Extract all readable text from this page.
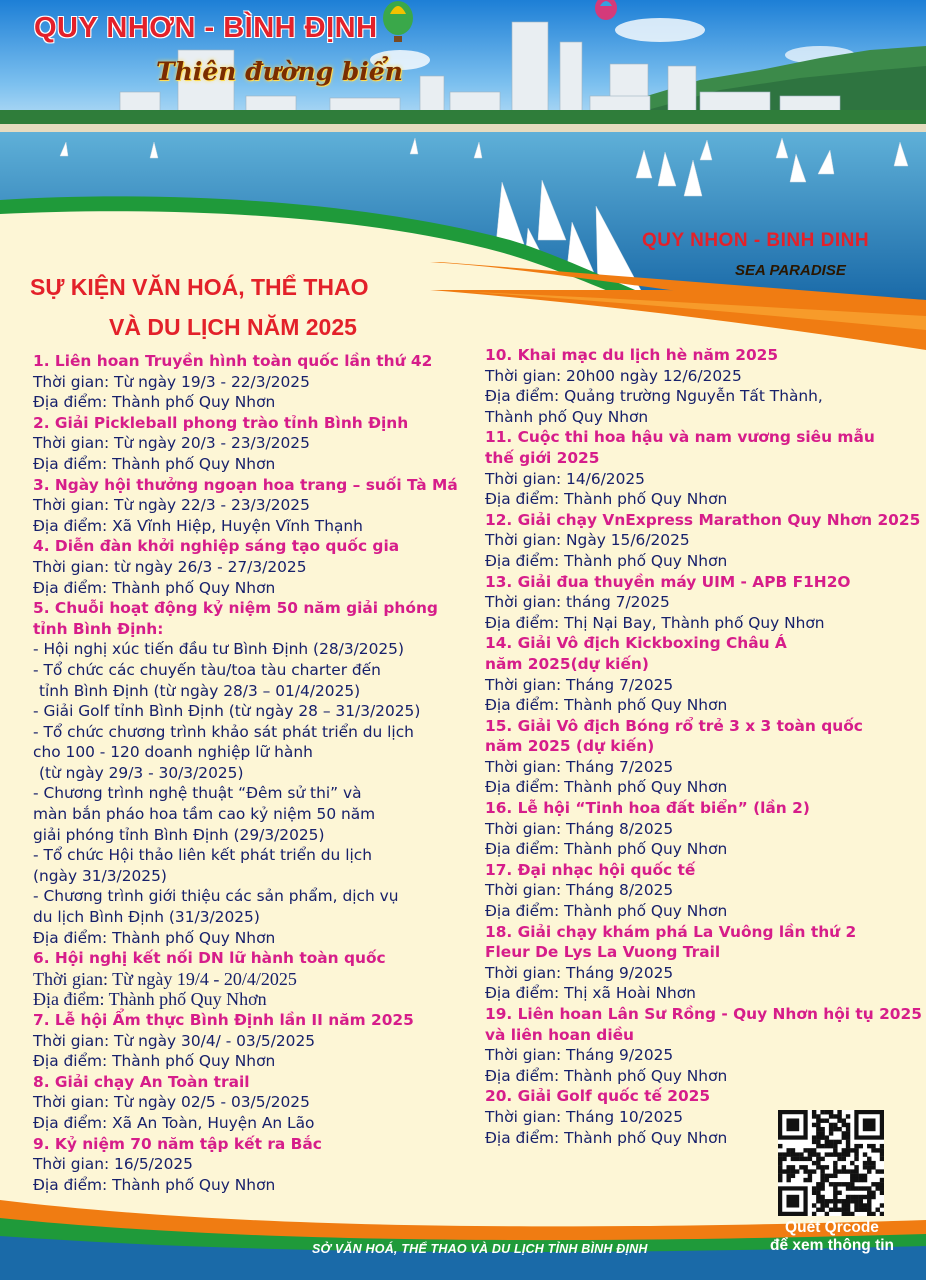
QUY NHƠN - BÌNH ĐỊNH
Thiên đường biển
QUY NHON - BINH DINH
SEA PARADISE
SỰ KIỆN VĂN HOÁ, THỂ THAO
VÀ DU LỊCH NĂM 2025
1. Liên hoan Truyền hình toàn quốc lần thứ 42
Thời gian: Từ ngày 19/3 - 22/3/2025
Địa điểm: Thành phố Quy Nhơn
2. Giải Pickleball phong trào tỉnh Bình Định
Thời gian: Từ ngày 20/3 - 23/3/2025
Địa điểm: Thành phố Quy Nhơn
3. Ngày hội thưởng ngoạn hoa trang – suối Tà Má
Thời gian: Từ ngày 22/3 - 23/3/2025
Địa điểm: Xã Vĩnh Hiệp, Huyện Vĩnh Thạnh
4. Diễn đàn khởi nghiệp sáng tạo quốc gia
Thời gian: từ ngày 26/3 - 27/3/2025
Địa điểm: Thành phố Quy Nhơn
5. Chuỗi hoạt động kỷ niệm 50 năm giải phóng
tỉnh Bình Định:
- Hội nghị xúc tiến đầu tư Bình Định (28/3/2025)
- Tổ chức các chuyến tàu/toa tàu charter đến
tỉnh Bình Định (từ ngày 28/3 – 01/4/2025)
- Giải Golf tỉnh Bình Định (từ ngày 28 – 31/3/2025)
- Tổ chức chương trình khảo sát phát triển du lịch
cho 100 - 120 doanh nghiệp lữ hành
(từ ngày 29/3 - 30/3/2025)
- Chương trình nghệ thuật “Đêm sử thi” và
màn bắn pháo hoa tầm cao kỷ niệm 50 năm
giải phóng tỉnh Bình Định (29/3/2025)
- Tổ chức Hội thảo liên kết phát triển du lịch
(ngày 31/3/2025)
- Chương trình giới thiệu các sản phẩm, dịch vụ
du lịch Bình Định (31/3/2025)
Địa điểm: Thành phố Quy Nhơn
6. Hội nghị kết nối DN lữ hành toàn quốc
Thời gian: Từ ngày 19/4 - 20/4/2025
Địa điểm: Thành phố Quy Nhơn
7. Lễ hội Ẩm thực Bình Định lần II năm 2025
Thời gian: Từ ngày 30/4/ - 03/5/2025
Địa điểm: Thành phố Quy Nhơn
8. Giải chạy An Toàn trail
Thời gian: Từ ngày 02/5 - 03/5/2025
Địa điểm: Xã An Toàn, Huyện An Lão
9. Kỷ niệm 70 năm tập kết ra Bắc
Thời gian: 16/5/2025
Địa điểm: Thành phố Quy Nhơn
10. Khai mạc du lịch hè năm 2025
Thời gian: 20h00 ngày 12/6/2025
Địa điểm: Quảng trường Nguyễn Tất Thành,
Thành phố Quy Nhơn
11. Cuộc thi hoa hậu và nam vương siêu mẫu
thế giới 2025
Thời gian: 14/6/2025
Địa điểm: Thành phố Quy Nhơn
12. Giải chạy VnExpress Marathon Quy Nhơn 2025
Thời gian: Ngày 15/6/2025
Địa điểm: Thành phố Quy Nhơn
13. Giải đua thuyền máy UIM - APB F1H2O
Thời gian: tháng 7/2025
Địa điểm: Thị Nại Bay, Thành phố Quy Nhơn
14. Giải Vô địch Kickboxing Châu Á
năm 2025(dự kiến)
Thời gian: Tháng 7/2025
Địa điểm: Thành phố Quy Nhơn
15. Giải Vô địch Bóng rổ trẻ 3 x 3 toàn quốc
năm 2025 (dự kiến)
Thời gian: Tháng 7/2025
Địa điểm: Thành phố Quy Nhơn
16. Lễ hội “Tinh hoa đất biển” (lần 2)
Thời gian: Tháng 8/2025
Địa điểm: Thành phố Quy Nhơn
17. Đại nhạc hội quốc tế
Thời gian: Tháng 8/2025
Địa điểm: Thành phố Quy Nhơn
18. Giải chạy khám phá La Vuông lần thứ 2
Fleur De Lys La Vuong Trail
Thời gian: Tháng 9/2025
Địa điểm: Thị xã Hoài Nhơn
19. Liên hoan Lân Sư Rồng - Quy Nhơn hội tụ 2025
và liên hoan diều
Thời gian: Tháng 9/2025
Địa điểm: Thành phố Quy Nhơn
20. Giải Golf quốc tế 2025
Thời gian: Tháng 10/2025
Địa điểm: Thành phố Quy Nhơn
Quét Qrcode
để xem thông tin
SỞ VĂN HOÁ, THỂ THAO VÀ DU LỊCH TỈNH BÌNH ĐỊNH
